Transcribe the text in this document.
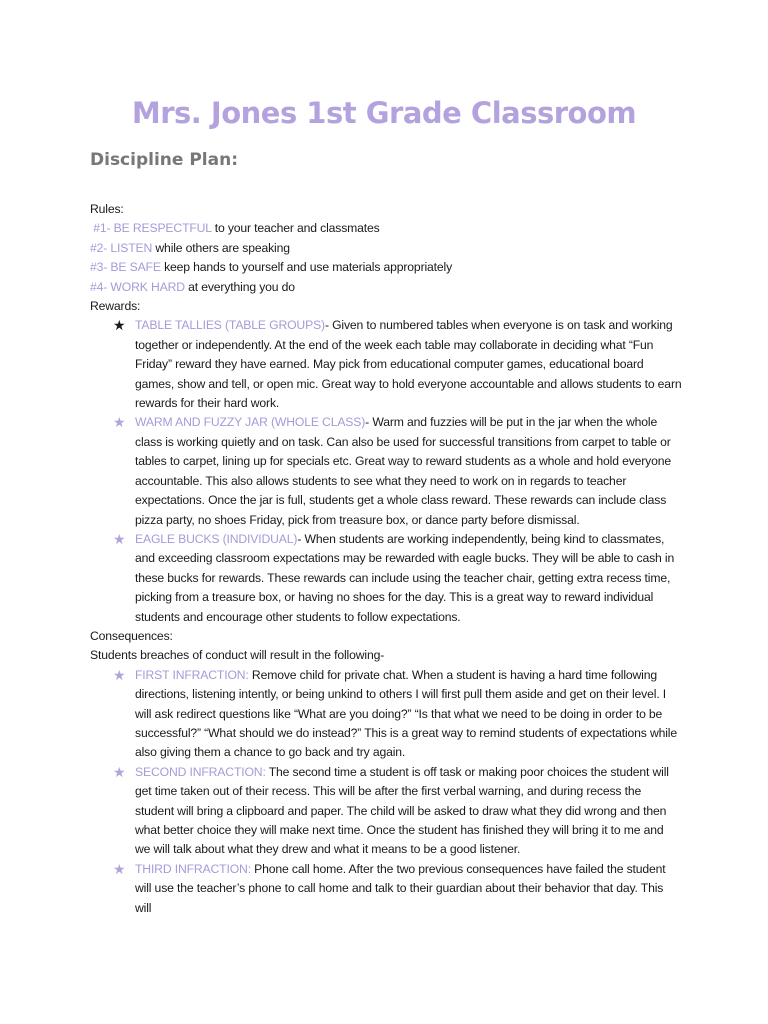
Mrs. Jones 1st Grade Classroom
Discipline Plan:
Rules:
#1- BE RESPECTFUL to your teacher and classmates
#2- LISTEN while others are speaking
#3- BE SAFE keep hands to yourself and use materials appropriately
#4- WORK HARD at everything you do
Rewards:
★ TABLE TALLIES (TABLE GROUPS)- Given to numbered tables when everyone is on task and working together or independently. At the end of the week each table may collaborate in deciding what “Fun Friday” reward they have earned. May pick from educational computer games, educational board games, show and tell, or open mic. Great way to hold everyone accountable and allows students to earn rewards for their hard work.
★ WARM AND FUZZY JAR (WHOLE CLASS)- Warm and fuzzies will be put in the jar when the whole class is working quietly and on task. Can also be used for successful transitions from carpet to table or tables to carpet, lining up for specials etc. Great way to reward students as a whole and hold everyone accountable. This also allows students to see what they need to work on in regards to teacher expectations. Once the jar is full, students get a whole class reward. These rewards can include class pizza party, no shoes Friday, pick from treasure box, or dance party before dismissal.
★ EAGLE BUCKS (INDIVIDUAL)- When students are working independently, being kind to classmates, and exceeding classroom expectations may be rewarded with eagle bucks. They will be able to cash in these bucks for rewards. These rewards can include using the teacher chair, getting extra recess time, picking from a treasure box, or having no shoes for the day. This is a great way to reward individual students and encourage other students to follow expectations.
Consequences:
Students breaches of conduct will result in the following-
★ FIRST INFRACTION: Remove child for private chat. When a student is having a hard time following directions, listening intently, or being unkind to others I will first pull them aside and get on their level. I will ask redirect questions like “What are you doing?” “Is that what we need to be doing in order to be successful?” “What should we do instead?” This is a great way to remind students of expectations while also giving them a chance to go back and try again.
★ SECOND INFRACTION: The second time a student is off task or making poor choices the student will get time taken out of their recess. This will be after the first verbal warning, and during recess the student will bring a clipboard and paper. The child will be asked to draw what they did wrong and then what better choice they will make next time. Once the student has finished they will bring it to me and we will talk about what they drew and what it means to be a good listener.
★ THIRD INFRACTION: Phone call home. After the two previous consequences have failed the student will use the teacher’s phone to call home and talk to their guardian about their behavior that day. This will
